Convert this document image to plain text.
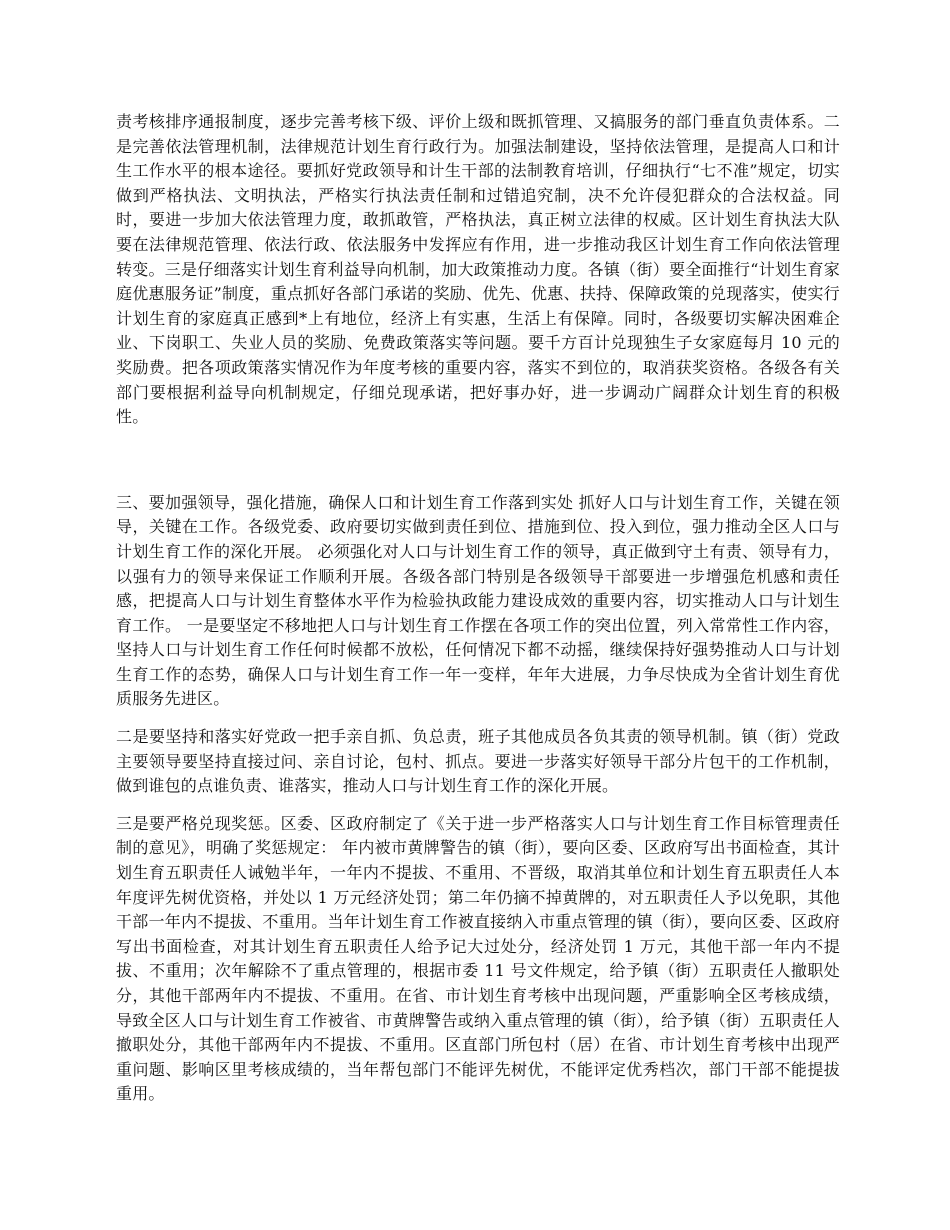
责考核排序通报制度，逐步完善考核下级、评价上级和既抓管理、又搞服务的部门垂直负责体系。二是完善依法管理机制，法律规范计划生育行政行为。加强法制建设，坚持依法管理，是提高人口和计生工作水平的根本途径。要抓好党政领导和计生干部的法制教育培训，仔细执行“七不准”规定，切实做到严格执法、文明执法，严格实行执法责任制和过错追究制，决不允许侵犯群众的合法权益。同时，要进一步加大依法管理力度，敢抓敢管，严格执法，真正树立法律的权威。区计划生育执法大队要在法律规范管理、依法行政、依法服务中发挥应有作用，进一步推动我区计划生育工作向依法管理转变。三是仔细落实计划生育利益导向机制，加大政策推动力度。各镇（街）要全面推行“计划生育家庭优惠服务证”制度，重点抓好各部门承诺的奖励、优先、优惠、扶持、保障政策的兑现落实，使实行计划生育的家庭真正感到*上有地位，经济上有实惠，生活上有保障。同时，各级要切实解决困难企业、下岗职工、失业人员的奖励、免费政策落实等问题。要千方百计兑现独生子女家庭每月 10 元的奖励费。把各项政策落实情况作为年度考核的重要内容，落实不到位的，取消获奖资格。各级各有关部门要根据利益导向机制规定，仔细兑现承诺，把好事办好，进一步调动广阔群众计划生育的积极性。

三、要加强领导，强化措施，确保人口和计划生育工作落到实处 抓好人口与计划生育工作，关键在领导，关键在工作。各级党委、政府要切实做到责任到位、措施到位、投入到位，强力推动全区人口与计划生育工作的深化开展。 必须强化对人口与计划生育工作的领导，真正做到守土有责、领导有力，以强有力的领导来保证工作顺利开展。各级各部门特别是各级领导干部要进一步增强危机感和责任感，把提高人口与计划生育整体水平作为检验执政能力建设成效的重要内容，切实推动人口与计划生育工作。 一是要坚定不移地把人口与计划生育工作摆在各项工作的突出位置，列入常常性工作内容，坚持人口与计划生育工作任何时候都不放松，任何情况下都不动摇，继续保持好强势推动人口与计划生育工作的态势，确保人口与计划生育工作一年一变样，年年大进展，力争尽快成为全省计划生育优质服务先进区。

二是要坚持和落实好党政一把手亲自抓、负总责，班子其他成员各负其责的领导机制。镇（街）党政主要领导要坚持直接过问、亲自讨论，包村、抓点。要进一步落实好领导干部分片包干的工作机制，做到谁包的点谁负责、谁落实，推动人口与计划生育工作的深化开展。

三是要严格兑现奖惩。区委、区政府制定了《关于进一步严格落实人口与计划生育工作目标管理责任制的意见》，明确了奖惩规定： 年内被市黄牌警告的镇（街），要向区委、区政府写出书面检查，其计划生育五职责任人诫勉半年，一年内不提拔、不重用、不晋级，取消其单位和计划生育五职责任人本年度评先树优资格，并处以 1 万元经济处罚；第二年仍摘不掉黄牌的，对五职责任人予以免职，其他干部一年内不提拔、不重用。当年计划生育工作被直接纳入市重点管理的镇（街），要向区委、区政府写出书面检查，对其计划生育五职责任人给予记大过处分，经济处罚 1 万元，其他干部一年内不提拔、不重用；次年解除不了重点管理的，根据市委 11 号文件规定，给予镇（街）五职责任人撤职处分，其他干部两年内不提拔、不重用。在省、市计划生育考核中出现问题，严重影响全区考核成绩，导致全区人口与计划生育工作被省、市黄牌警告或纳入重点管理的镇（街），给予镇（街）五职责任人撤职处分，其他干部两年内不提拔、不重用。区直部门所包村（居）在省、市计划生育考核中出现严重问题、影响区里考核成绩的，当年帮包部门不能评先树优，不能评定优秀档次，部门干部不能提拔重用。
